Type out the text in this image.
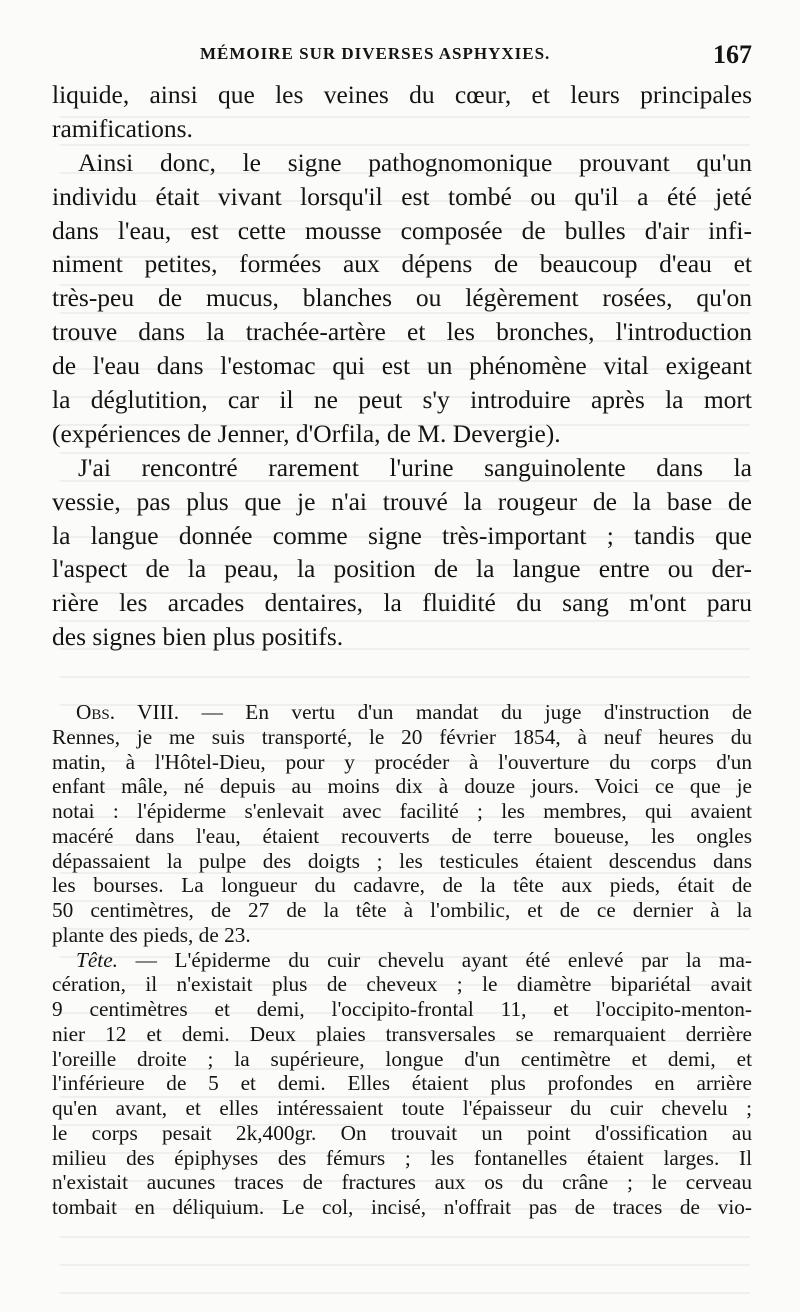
MÉMOIRE SUR DIVERSES ASPHYXIES.	167
liquide, ainsi que les veines du cœur, et leurs principales
ramifications.
Ainsi donc, le signe pathognomonique prouvant qu'un
individu était vivant lorsqu'il est tombé ou qu'il a été jeté
dans l'eau, est cette mousse composée de bulles d'air infi-
niment petites, formées aux dépens de beaucoup d'eau et
très-peu de mucus, blanches ou légèrement rosées, qu'on
trouve dans la trachée-artère et les bronches, l'introduction
de l'eau dans l'estomac qui est un phénomène vital exigeant
la déglutition, car il ne peut s'y introduire après la mort
(expériences de Jenner, d'Orfila, de M. Devergie).
J'ai rencontré rarement l'urine sanguinolente dans la
vessie, pas plus que je n'ai trouvé la rougeur de la base de
la langue donnée comme signe très-important ; tandis que
l'aspect de la peau, la position de la langue entre ou der-
rière les arcades dentaires, la fluidité du sang m'ont paru
des signes bien plus positifs.
Obs. VIII. — En vertu d'un mandat du juge d'instruction de
Rennes, je me suis transporté, le 20 février 1854, à neuf heures du
matin, à l'Hôtel-Dieu, pour y procéder à l'ouverture du corps d'un
enfant mâle, né depuis au moins dix à douze jours. Voici ce que je
notai : l'épiderme s'enlevait avec facilité ; les membres, qui avaient
macéré dans l'eau, étaient recouverts de terre boueuse, les ongles
dépassaient la pulpe des doigts ; les testicules étaient descendus dans
les bourses. La longueur du cadavre, de la tête aux pieds, était de
50 centimètres, de 27 de la tête à l'ombilic, et de ce dernier à la
plante des pieds, de 23.
Tête. — L'épiderme du cuir chevelu ayant été enlevé par la ma-
cération, il n'existait plus de cheveux ; le diamètre bipariétal avait
9 centimètres et demi, l'occipito-frontal 11, et l'occipito-menton-
nier 12 et demi. Deux plaies transversales se remarquaient derrière
l'oreille droite ; la supérieure, longue d'un centimètre et demi, et
l'inférieure de 5 et demi. Elles étaient plus profondes en arrière
qu'en avant, et elles intéressaient toute l'épaisseur du cuir chevelu ;
le corps pesait 2k,400gr. On trouvait un point d'ossification au
milieu des épiphyses des fémurs ; les fontanelles étaient larges. Il
n'existait aucunes traces de fractures aux os du crâne ; le cerveau
tombait en déliquium. Le col, incisé, n'offrait pas de traces de vio-
